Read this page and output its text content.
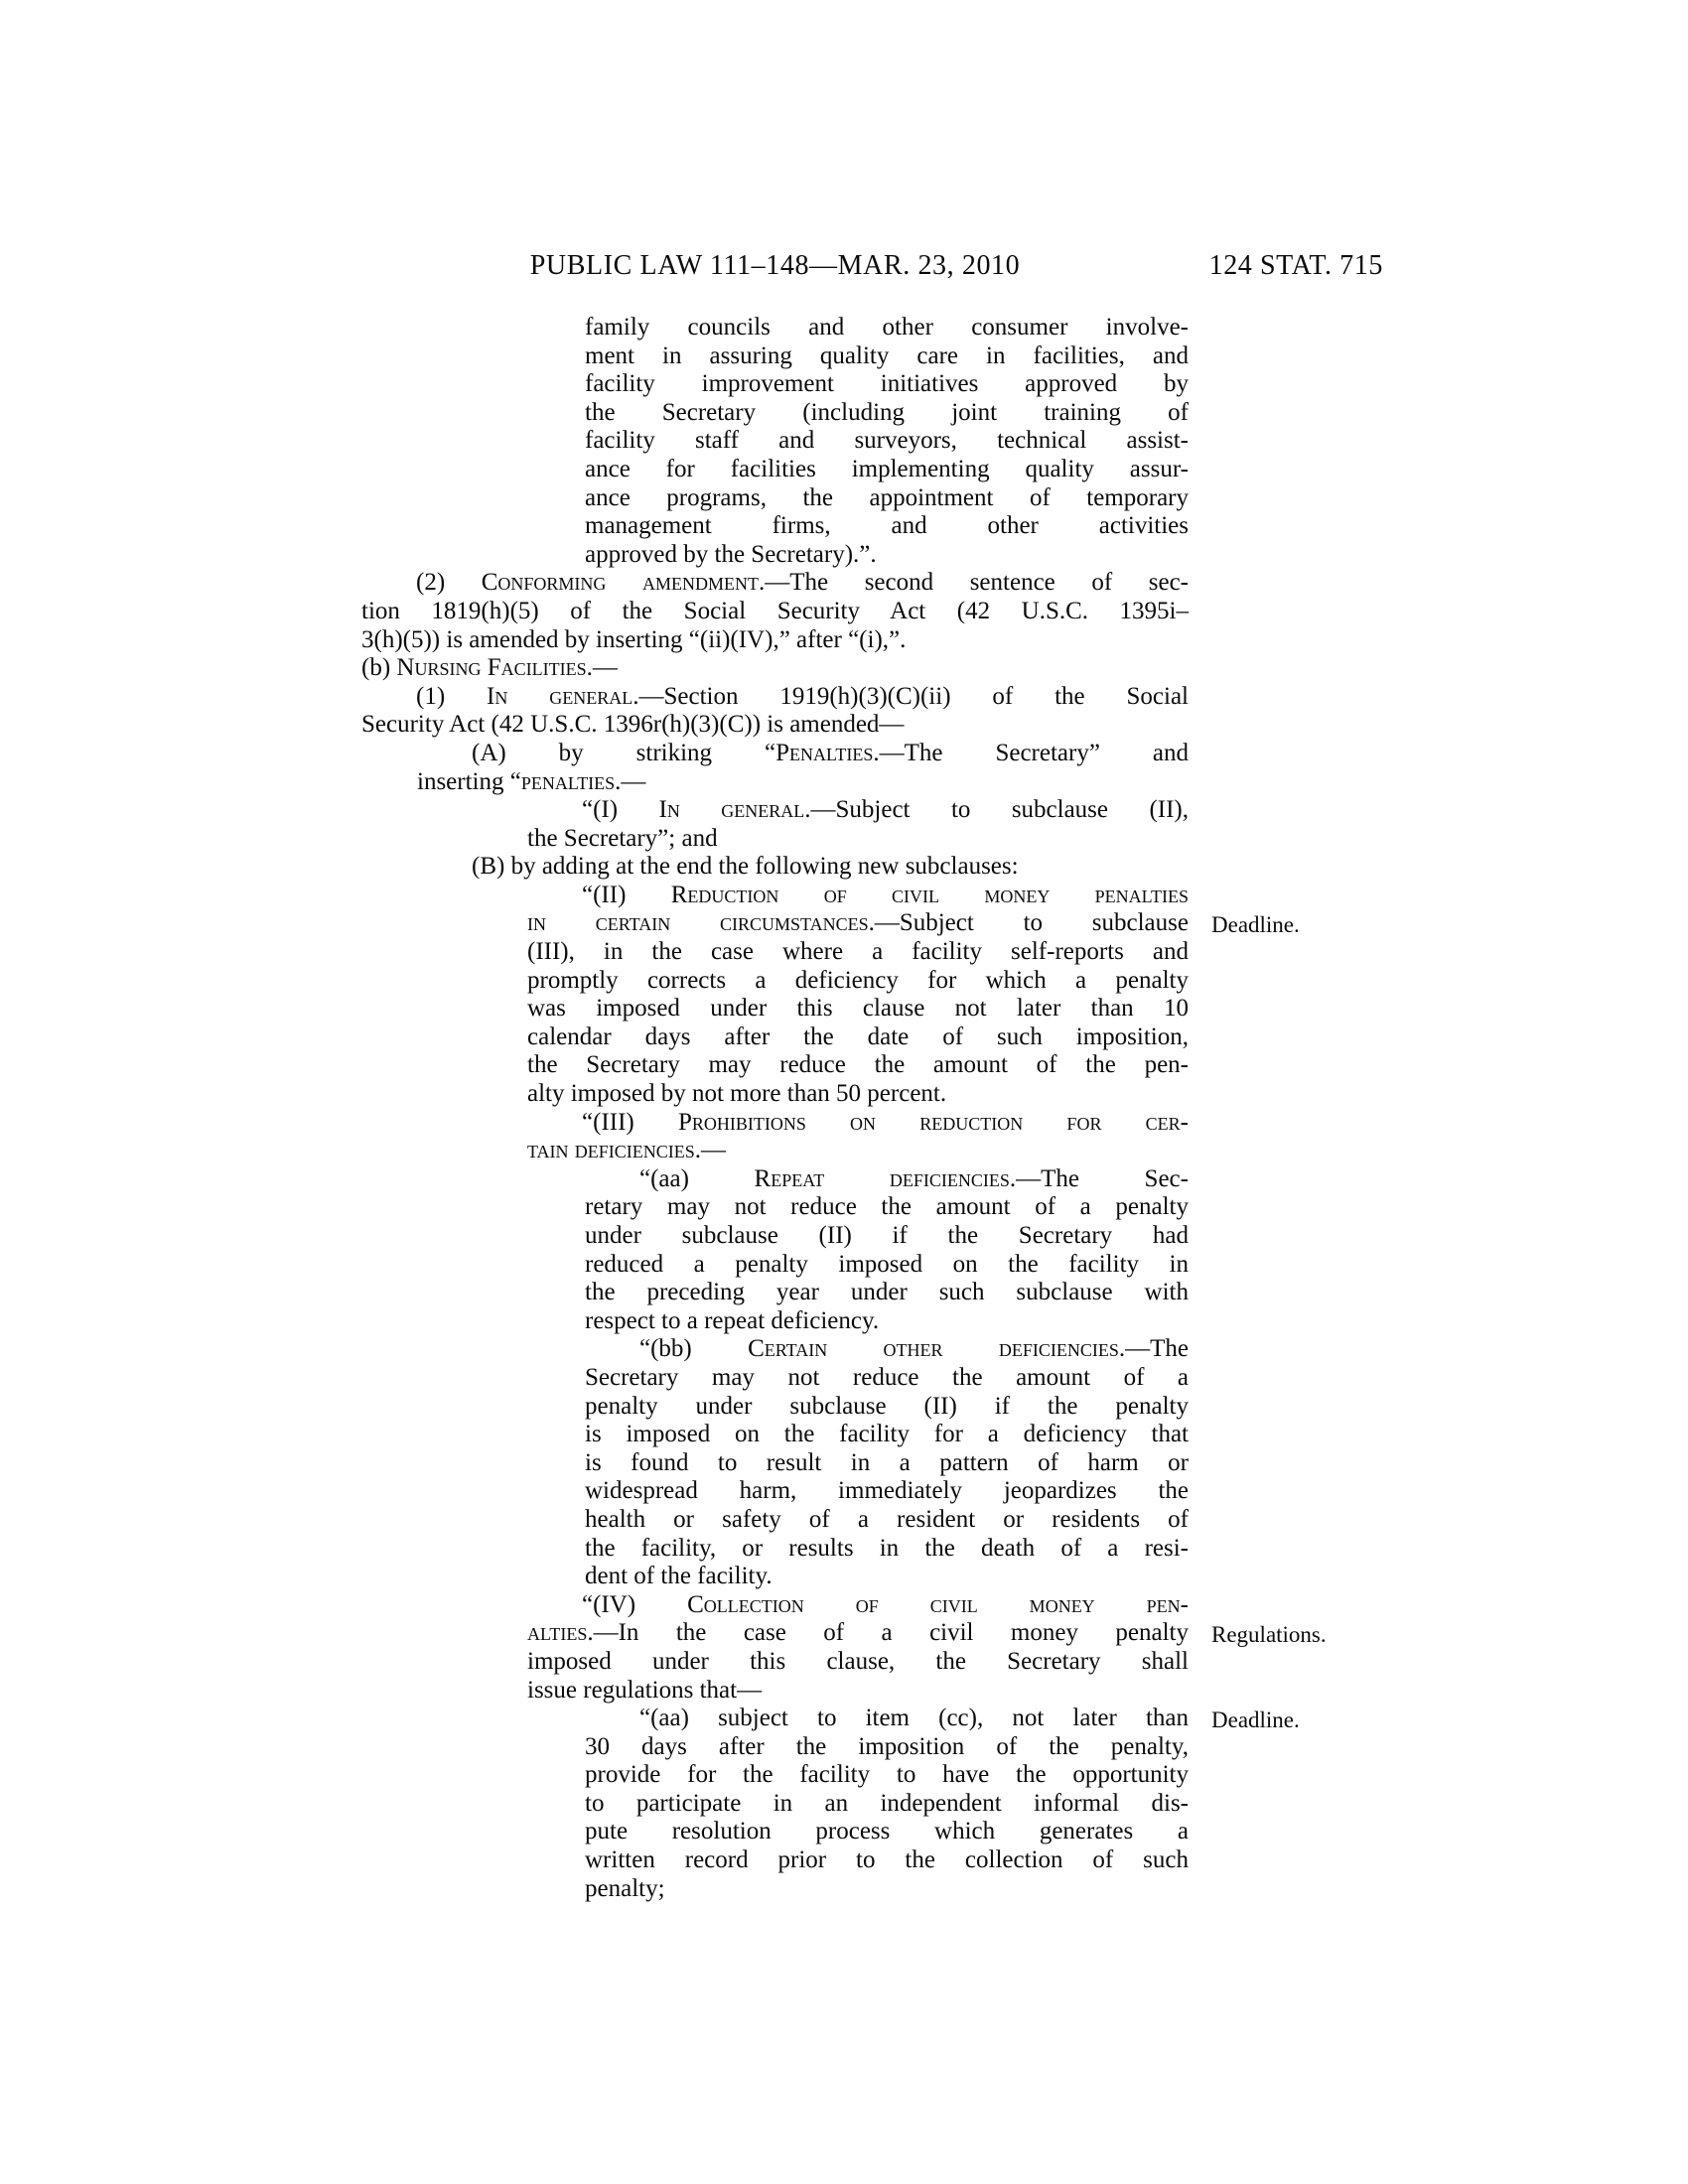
PUBLIC LAW 111–148—MAR. 23, 2010	124 STAT. 715
family councils and other consumer involve-
ment in assuring quality care in facilities, and
facility improvement initiatives approved by
the Secretary (including joint training of
facility staff and surveyors, technical assist-
ance for facilities implementing quality assur-
ance programs, the appointment of temporary
management firms, and other activities
approved by the Secretary).”.
(2) Conforming amendment.—The second sentence of sec-
tion 1819(h)(5) of the Social Security Act (42 U.S.C. 1395i–
3(h)(5)) is amended by inserting “(ii)(IV),” after “(i),”.
(b) Nursing Facilities.—
(1) In general.—Section 1919(h)(3)(C)(ii) of the Social
Security Act (42 U.S.C. 1396r(h)(3)(C)) is amended—
(A) by striking “Penalties.—The Secretary” and
inserting “penalties.—
“(I) In general.—Subject to subclause (II),
the Secretary”; and
(B) by adding at the end the following new subclauses:
“(II) Reduction of civil money penalties
in certain circumstances.—Subject to subclause
(III), in the case where a facility self-reports and
promptly corrects a deficiency for which a penalty
was imposed under this clause not later than 10
calendar days after the date of such imposition,
the Secretary may reduce the amount of the pen-
alty imposed by not more than 50 percent.
“(III) Prohibitions on reduction for cer-
tain deficiencies.—
“(aa) Repeat deficiencies.—The Sec-
retary may not reduce the amount of a penalty
under subclause (II) if the Secretary had
reduced a penalty imposed on the facility in
the preceding year under such subclause with
respect to a repeat deficiency.
“(bb) Certain other deficiencies.—The
Secretary may not reduce the amount of a
penalty under subclause (II) if the penalty
is imposed on the facility for a deficiency that
is found to result in a pattern of harm or
widespread harm, immediately jeopardizes the
health or safety of a resident or residents of
the facility, or results in the death of a resi-
dent of the facility.
“(IV) Collection of civil money pen-
alties.—In the case of a civil money penalty
imposed under this clause, the Secretary shall
issue regulations that—
“(aa) subject to item (cc), not later than
30 days after the imposition of the penalty,
provide for the facility to have the opportunity
to participate in an independent informal dis-
pute resolution process which generates a
written record prior to the collection of such
penalty;
Deadline.
Regulations.
Deadline.
